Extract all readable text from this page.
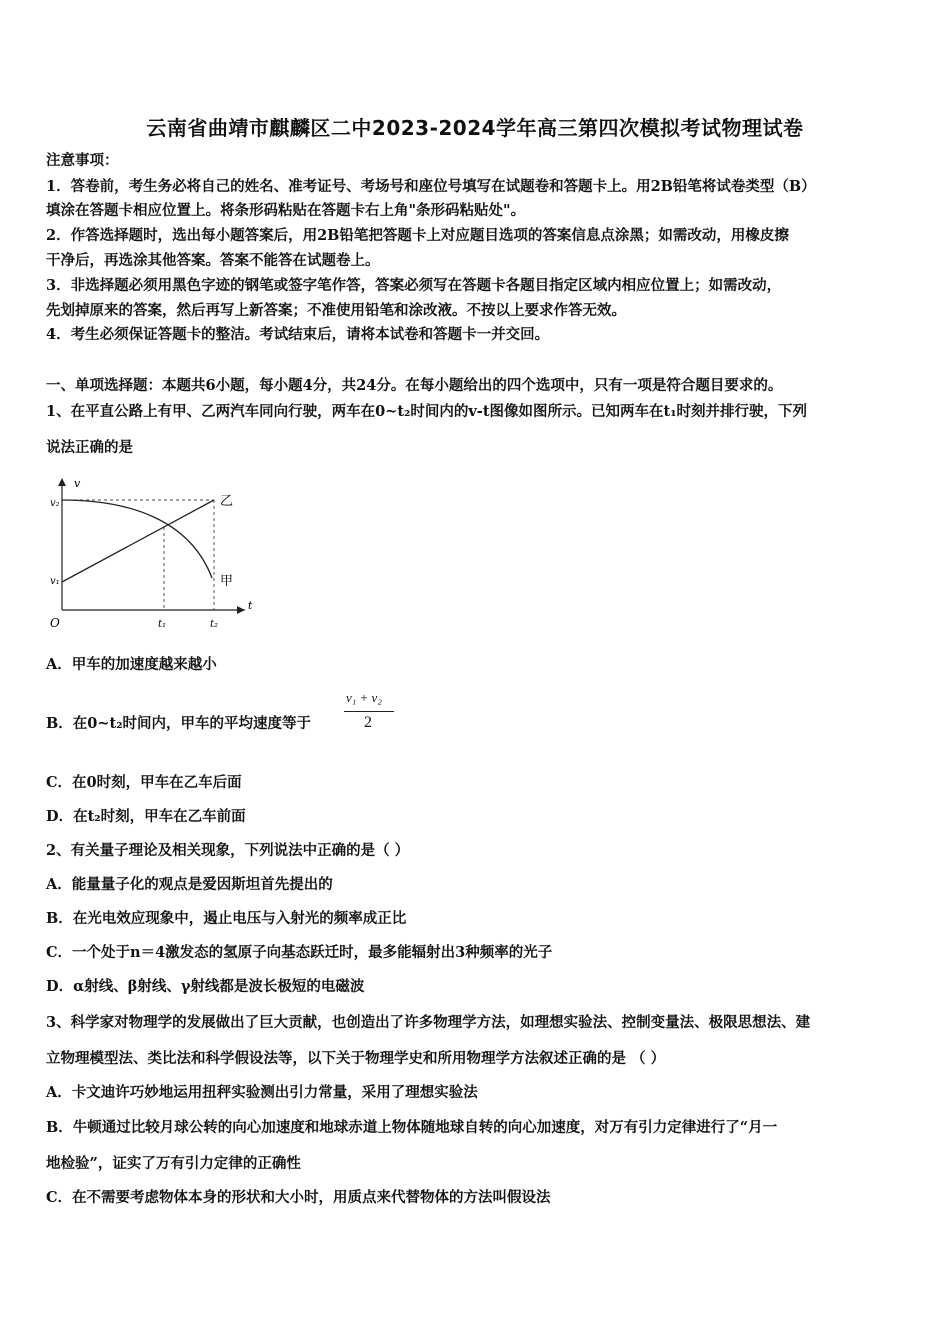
云南省曲靖市麒麟区二中2023-2024学年高三第四次模拟考试物理试卷
注意事项：
1．答卷前，考生务必将自己的姓名、准考证号、考场号和座位号填写在试题卷和答题卡上。用2B铅笔将试卷类型（B）
填涂在答题卡相应位置上。将条形码粘贴在答题卡右上角"条形码粘贴处"。
2．作答选择题时，选出每小题答案后，用2B铅笔把答题卡上对应题目选项的答案信息点涂黑；如需改动，用橡皮擦
干净后，再选涂其他答案。答案不能答在试题卷上。
3．非选择题必须用黑色字迹的钢笔或签字笔作答，答案必须写在答题卡各题目指定区域内相应位置上；如需改动，
先划掉原来的答案，然后再写上新答案；不准使用铅笔和涂改液。不按以上要求作答无效。
4．考生必须保证答题卡的整洁。考试结束后，请将本试卷和答题卡一并交回。
一、单项选择题：本题共6小题，每小题4分，共24分。在每小题给出的四个选项中，只有一项是符合题目要求的。
1、在平直公路上有甲、乙两汽车同向行驶，两车在0~t₂时间内的v-t图像如图所示。已知两车在t₁时刻并排行驶，下列
说法正确的是
v
t
O
v₂
v₁
t₁	t₂
乙
甲
A．甲车的加速度越来越小
B．在0~t₂时间内，甲车的平均速度等于
v₁ + v₂
2
C．在0时刻，甲车在乙车后面
D．在t₂时刻，甲车在乙车前面
2、有关量子理论及相关现象，下列说法中正确的是（ ）
A．能量量子化的观点是爱因斯坦首先提出的
B．在光电效应现象中，遏止电压与入射光的频率成正比
C．一个处于n＝4激发态的氢原子向基态跃迁时，最多能辐射出3种频率的光子
D．α射线、β射线、γ射线都是波长极短的电磁波
3、科学家对物理学的发展做出了巨大贡献，也创造出了许多物理学方法，如理想实验法、控制变量法、极限思想法、建
立物理模型法、类比法和科学假设法等，以下关于物理学史和所用物理学方法叙述正确的是 （ ）
A．卡文迪许巧妙地运用扭秤实验测出引力常量，采用了理想实验法
B．牛顿通过比较月球公转的向心加速度和地球赤道上物体随地球自转的向心加速度，对万有引力定律进行了“月一
地检验”，证实了万有引力定律的正确性
C．在不需要考虑物体本身的形状和大小时，用质点来代替物体的方法叫假设法
